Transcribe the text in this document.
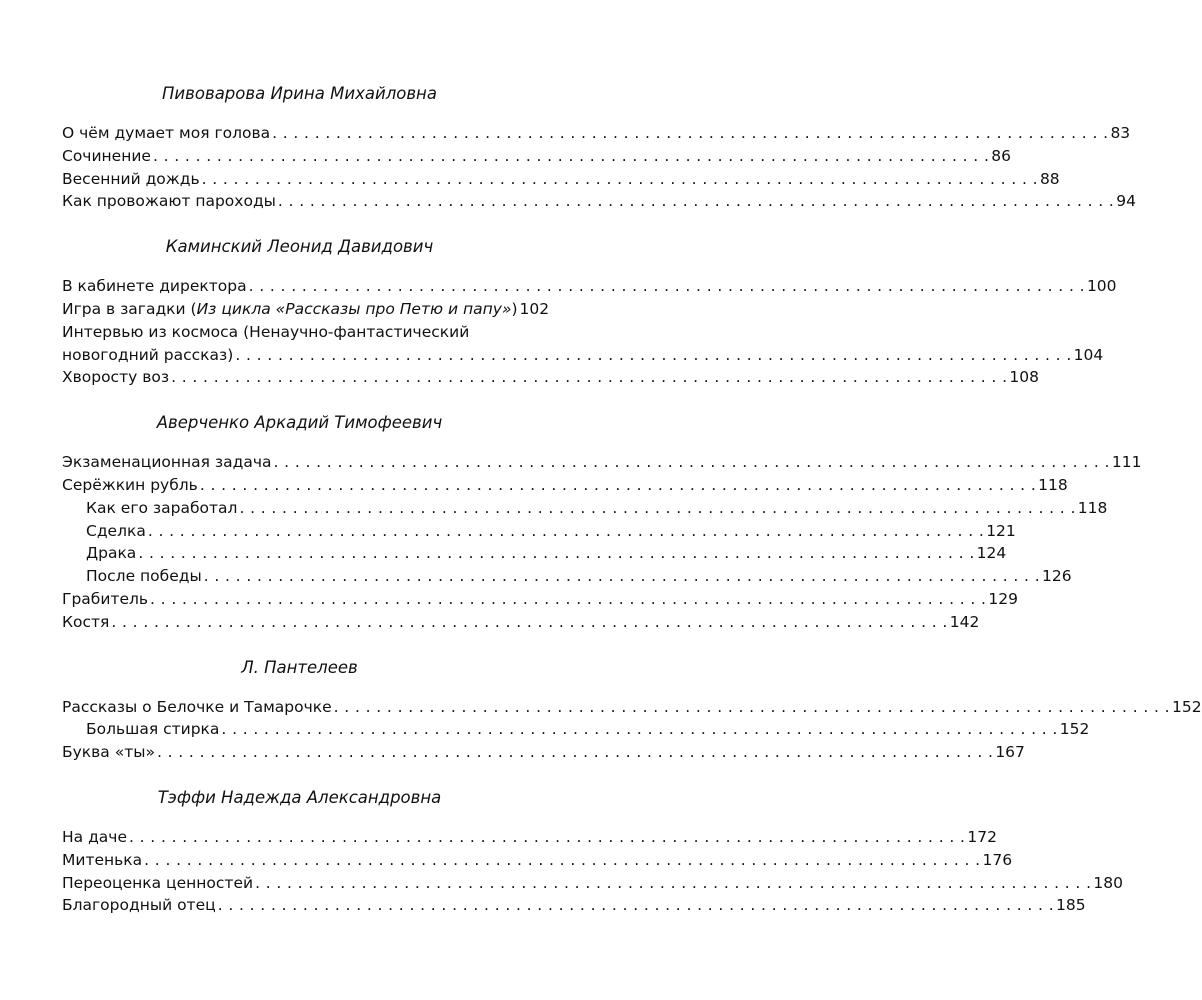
Пивоварова Ирина Михайловна
О чём думает моя голова . . .	83
Сочинение . . .	86
Весенний дождь . . .	88
Как провожают пароходы . . .	94
Каминский Леонид Давидович
В кабинете директора . . .	100
Игра в загадки (Из цикла «Рассказы про Петю и папу») 102
Интервью из космоса (Ненаучно-фантастический
новогодний рассказ) . . .	104
Хворосту воз . . .	108
Аверченко Аркадий Тимофеевич
Экзаменационная задача . . .	111
Серёжкин рубль . . .	118
Как его заработал . . .	118
Сделка . . .	121
Драка . . .	124
После победы . . .	126
Грабитель . . .	129
Костя . . .	142
Л. Пантелеев
Рассказы о Белочке и Тамарочке . . .	152
Большая стирка . . .	152
Буква «ты» . . .	167
Тэффи Надежда Александровна
На даче . . .	172
Митенька . . .	176
Переоценка ценностей . . .	180
Благородный отец . . .	185
